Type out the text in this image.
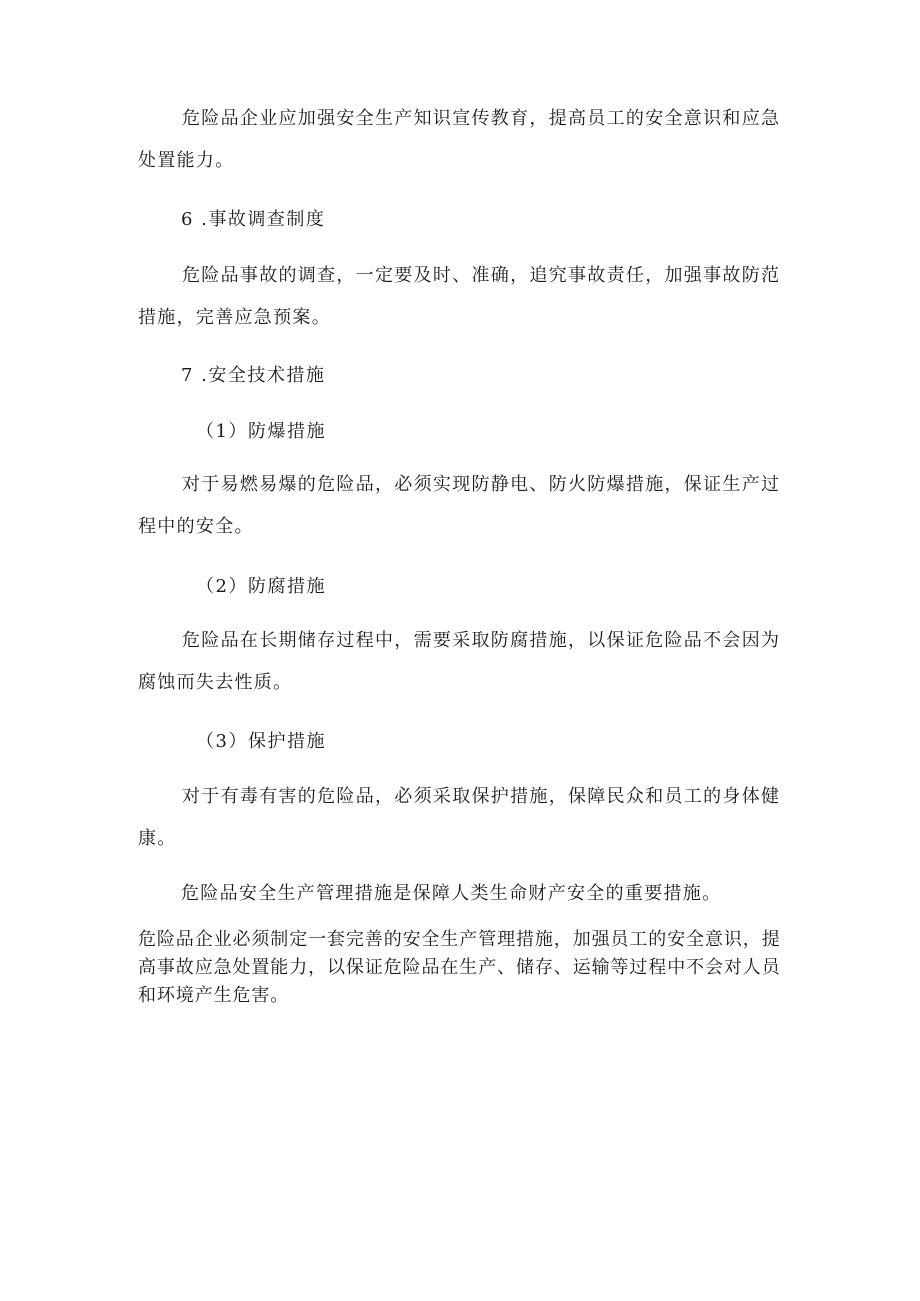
危险品企业应加强安全生产知识宣传教育，提高员工的安全意识和应急处置能力。

6 .事故调查制度

危险品事故的调查，一定要及时、准确，追究事故责任，加强事故防范措施，完善应急预案。

7 .安全技术措施

（1）防爆措施

对于易燃易爆的危险品，必须实现防静电、防火防爆措施，保证生产过程中的安全。

（2）防腐措施

危险品在长期储存过程中，需要采取防腐措施，以保证危险品不会因为腐蚀而失去性质。

（3）保护措施

对于有毒有害的危险品，必须采取保护措施，保障民众和员工的身体健康。

危险品安全生产管理措施是保障人类生命财产安全的重要措施。

危险品企业必须制定一套完善的安全生产管理措施，加强员工的安全意识，提高事故应急处置能力，以保证危险品在生产、储存、运输等过程中不会对人员和环境产生危害。
